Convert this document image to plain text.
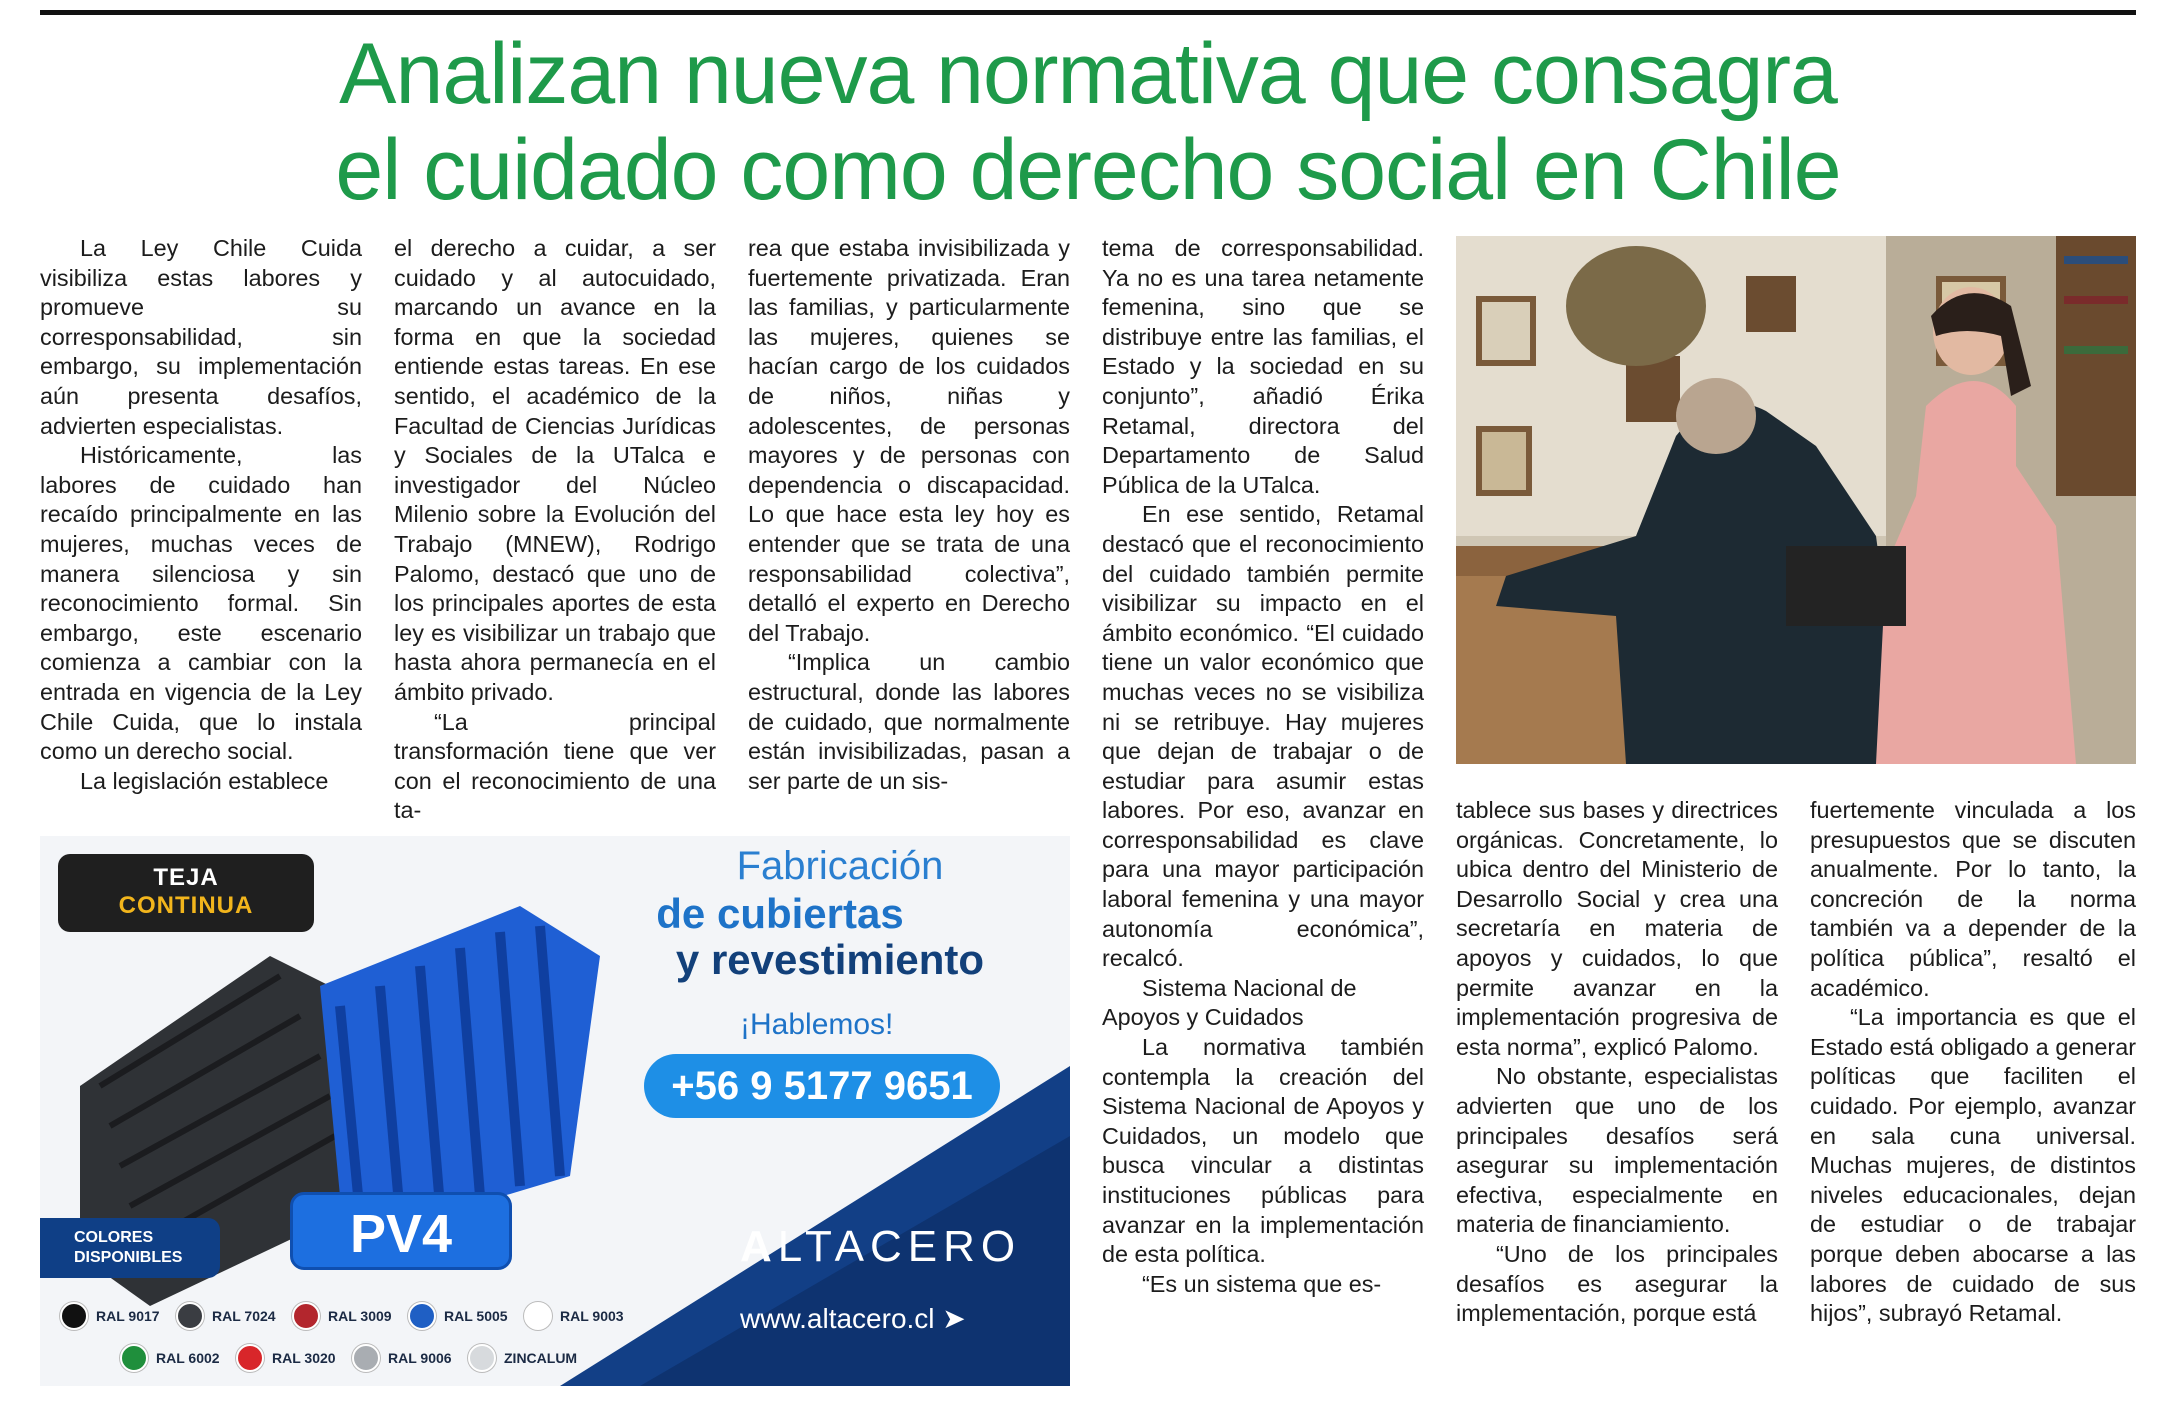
Analizan nueva normativa que consagra
el cuidado como derecho social en Chile

La Ley Chile Cuida visibiliza estas labores y promueve su corresponsabilidad, sin embargo, su implementación aún presenta desafíos, advierten especialistas.

Históricamente, las labores de cuidado han recaído principalmente en las mujeres, muchas veces de manera silenciosa y sin reconocimiento formal. Sin embargo, este escenario comienza a cambiar con la entrada en vigencia de la Ley Chile Cuida, que lo instala como un derecho social.

La legislación establece

el derecho a cuidar, a ser cuidado y al autocuidado, marcando un avance en la forma en que la sociedad entiende estas tareas. En ese sentido, el académico de la Facultad de Ciencias Jurídicas y Sociales de la UTalca e investigador del Núcleo Milenio sobre la Evolución del Trabajo (MNEW), Rodrigo Palomo, destacó que uno de los principales aportes de esta ley es visibilizar un trabajo que hasta ahora permanecía en el ámbito privado.

“La principal transformación tiene que ver con el reconocimiento de una ta-

rea que estaba invisibilizada y fuertemente privatizada. Eran las familias, y particularmente las mujeres, quienes se hacían cargo de los cuidados de niños, niñas y adolescentes, de personas mayores y de personas con dependencia o discapacidad. Lo que hace esta ley hoy es entender que se trata de una responsabilidad colectiva”, detalló el experto en Derecho del Trabajo.

“Implica un cambio estructural, donde las labores de cuidado, que normalmente están invisibilizadas, pasan a ser parte de un sis-

tema de corresponsabilidad. Ya no es una tarea netamente femenina, sino que se distribuye entre las familias, el Estado y la sociedad en su conjunto”, añadió Érika Retamal, directora del Departamento de Salud Pública de la UTalca.

En ese sentido, Retamal destacó que el reconocimiento del cuidado también permite visibilizar su impacto en el ámbito económico. “El cuidado tiene un valor económico que muchas veces no se visibiliza ni se retribuye. Hay mujeres que dejan de trabajar o de estudiar para asumir estas labores. Por eso, avanzar en corresponsabilidad es clave para una mayor participación laboral femenina y una mayor autonomía económica”, recalcó.

Sistema Nacional de Apoyos y Cuidados

La normativa también contempla la creación del Sistema Nacional de Apoyos y Cuidados, un modelo que busca vincular a distintas instituciones públicas para avanzar en la implementación de esta política.

“Es un sistema que es-

tablece sus bases y directrices orgánicas. Concretamente, lo ubica dentro del Ministerio de Desarrollo Social y crea una secretaría en materia de apoyos y cuidados, lo que permite avanzar en la implementación progresiva de esta norma”, explicó Palomo.

No obstante, especialistas advierten que uno de los principales desafíos será asegurar su implementación efectiva, especialmente en materia de financiamiento.

“Uno de los principales desafíos es asegurar la implementación, porque está

fuertemente vinculada a los presupuestos que se discuten anualmente. Por lo tanto, la concreción de la norma también va a depender de la política pública”, resaltó el académico.

“La importancia es que el Estado está obligado a generar políticas que faciliten el cuidado. Por ejemplo, avanzar en sala cuna universal. Muchas mujeres, de distintos niveles educacionales, dejan de estudiar o de trabajar porque deben abocarse a las labores de cuidado de sus hijos”, subrayó Retamal.

TEJA
CONTINUA
Fabricación
de cubiertas
y revestimiento
¡Hablemos!
+56 9 5177 9651
PV4	ALTACERO
www.altacero.cl ➤
COLORES
DISPONIBLES
RAL 9017	RAL 7024	RAL 3009	RAL 5005	RAL 9003
RAL 6002	RAL 3020	RAL 9006	ZINCALUM
